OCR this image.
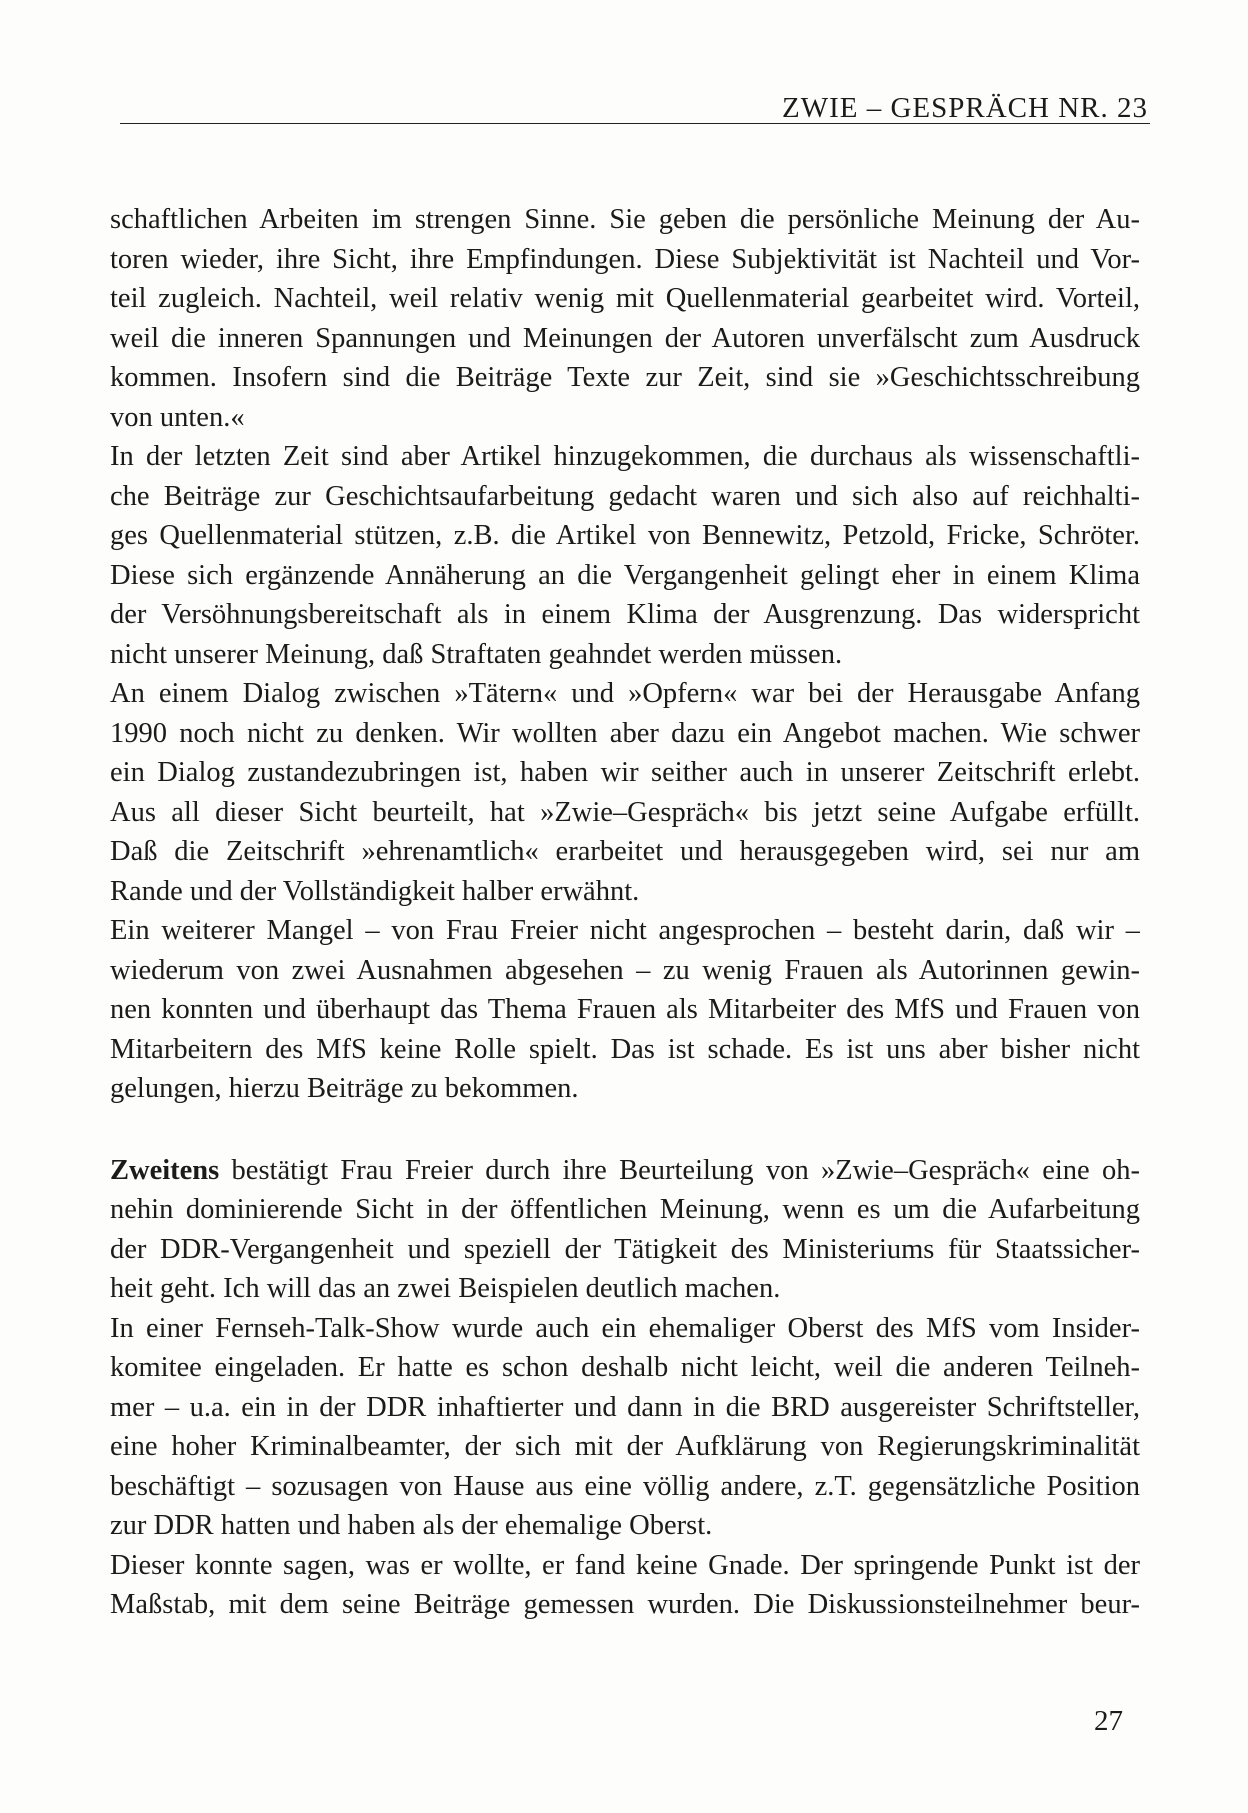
ZWIE – GESPRÄCH NR. 23
schaftlichen Arbeiten im strengen Sinne. Sie geben die persönliche Meinung der Au-
toren wieder, ihre Sicht, ihre Empfindungen. Diese Subjektivität ist Nachteil und Vor-
teil zugleich. Nachteil, weil relativ wenig mit Quellenmaterial gearbeitet wird. Vorteil,
weil die inneren Spannungen und Meinungen der Autoren unverfälscht zum Ausdruck
kommen. Insofern sind die Beiträge Texte zur Zeit, sind sie »Geschichtsschreibung
von unten.«
In der letzten Zeit sind aber Artikel hinzugekommen, die durchaus als wissenschaftli-
che Beiträge zur Geschichtsaufarbeitung gedacht waren und sich also auf reichhalti-
ges Quellenmaterial stützen, z.B. die Artikel von Bennewitz, Petzold, Fricke, Schröter.
Diese sich ergänzende Annäherung an die Vergangenheit gelingt eher in einem Klima
der Versöhnungsbereitschaft als in einem Klima der Ausgrenzung. Das widerspricht
nicht unserer Meinung, daß Straftaten geahndet werden müssen.
An einem Dialog zwischen »Tätern« und »Opfern« war bei der Herausgabe Anfang
1990 noch nicht zu denken. Wir wollten aber dazu ein Angebot machen. Wie schwer
ein Dialog zustandezubringen ist, haben wir seither auch in unserer Zeitschrift erlebt.
Aus all dieser Sicht beurteilt, hat »Zwie–Gespräch« bis jetzt seine Aufgabe erfüllt.
Daß die Zeitschrift »ehrenamtlich« erarbeitet und herausgegeben wird, sei nur am
Rande und der Vollständigkeit halber erwähnt.
Ein weiterer Mangel – von Frau Freier nicht angesprochen – besteht darin, daß wir –
wiederum von zwei Ausnahmen abgesehen – zu wenig Frauen als Autorinnen gewin-
nen konnten und überhaupt das Thema Frauen als Mitarbeiter des MfS und Frauen von
Mitarbeitern des MfS keine Rolle spielt. Das ist schade. Es ist uns aber bisher nicht
gelungen, hierzu Beiträge zu bekommen.
Zweitens bestätigt Frau Freier durch ihre Beurteilung von »Zwie–Gespräch« eine oh-
nehin dominierende Sicht in der öffentlichen Meinung, wenn es um die Aufarbeitung
der DDR-Vergangenheit und speziell der Tätigkeit des Ministeriums für Staatssicher-
heit geht. Ich will das an zwei Beispielen deutlich machen.
In einer Fernseh-Talk-Show wurde auch ein ehemaliger Oberst des MfS vom Insider-
komitee eingeladen. Er hatte es schon deshalb nicht leicht, weil die anderen Teilneh-
mer – u.a. ein in der DDR inhaftierter und dann in die BRD ausgereister Schriftsteller,
eine hoher Kriminalbeamter, der sich mit der Aufklärung von Regierungskriminalität
beschäftigt – sozusagen von Hause aus eine völlig andere, z.T. gegensätzliche Position
zur DDR hatten und haben als der ehemalige Oberst.
Dieser konnte sagen, was er wollte, er fand keine Gnade. Der springende Punkt ist der
Maßstab, mit dem seine Beiträge gemessen wurden. Die Diskussionsteilnehmer beur-
27
